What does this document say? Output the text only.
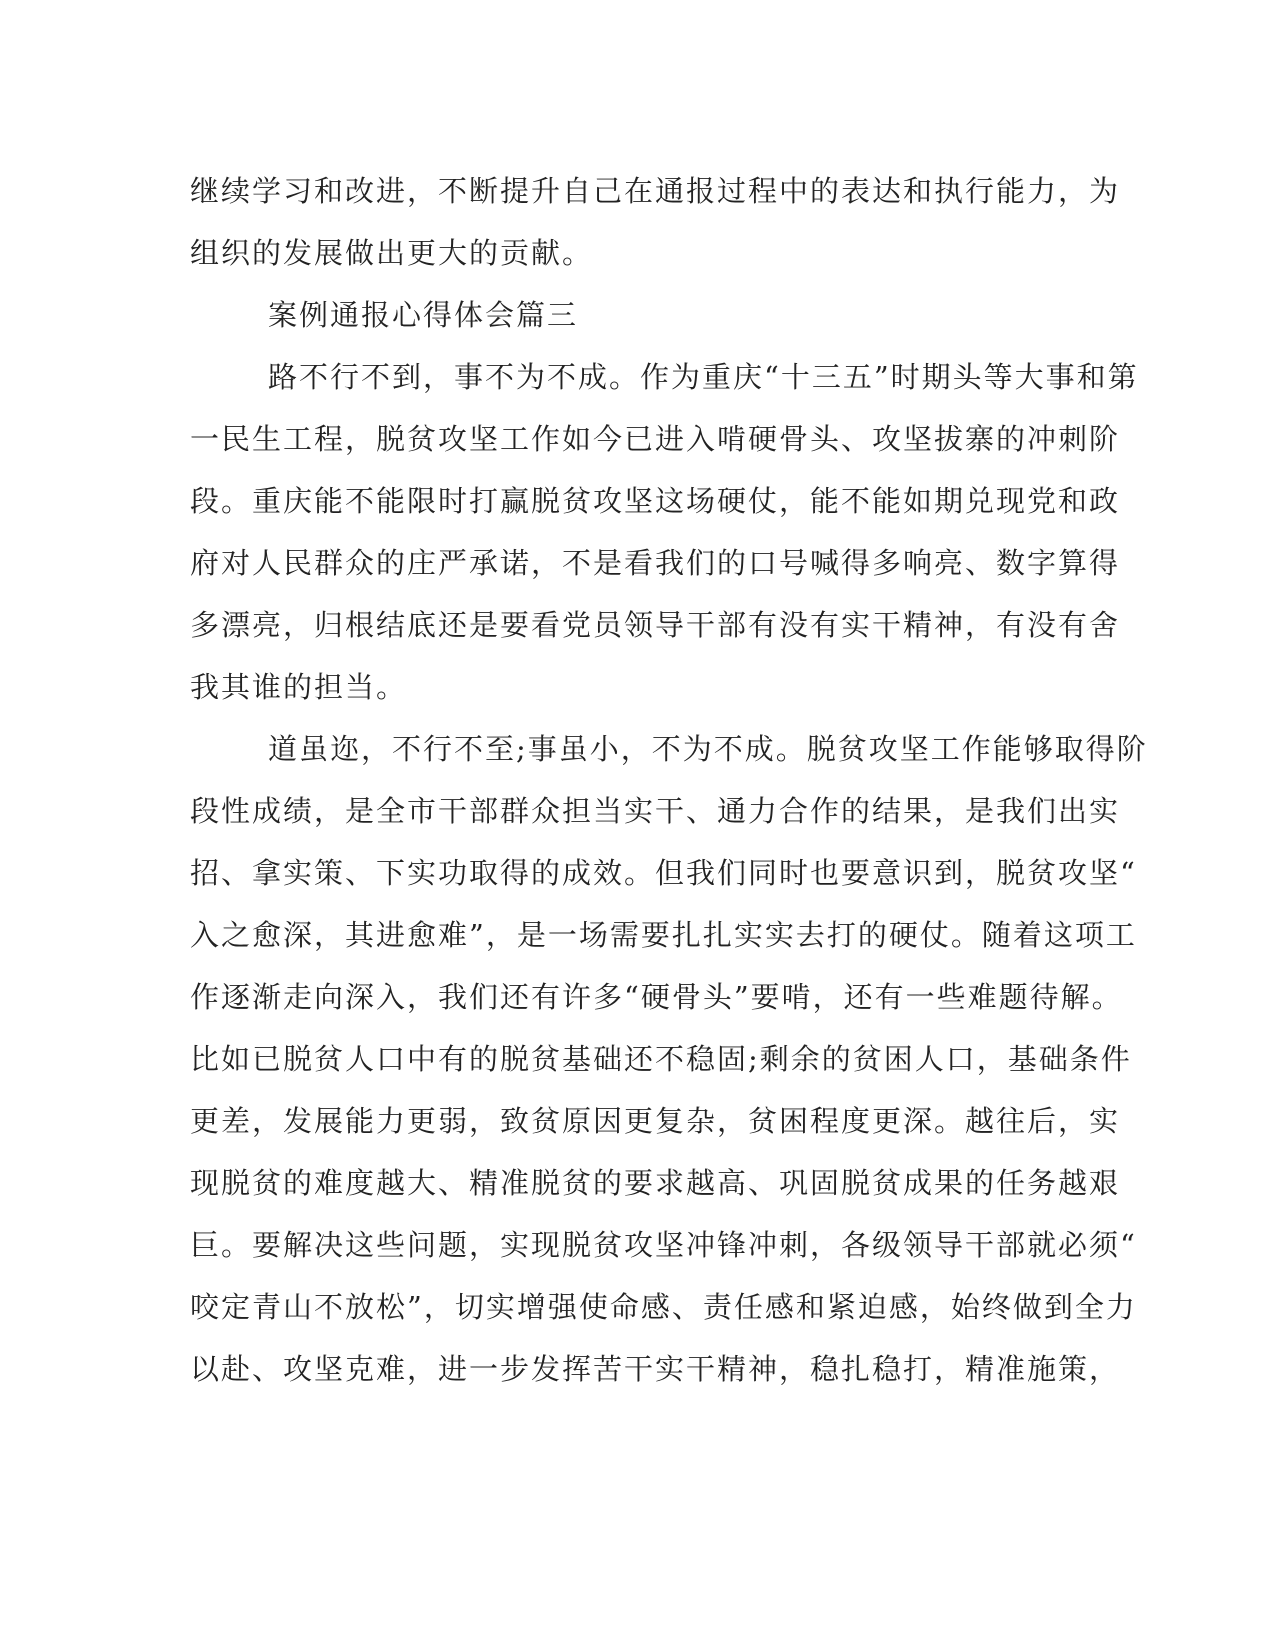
继续学习和改进，不断提升自己在通报过程中的表达和执行能力，为
组织的发展做出更大的贡献。
案例通报心得体会篇三
路不行不到，事不为不成。作为重庆“十三五”时期头等大事和第
一民生工程，脱贫攻坚工作如今已进入啃硬骨头、攻坚拔寨的冲刺阶
段。重庆能不能限时打赢脱贫攻坚这场硬仗，能不能如期兑现党和政
府对人民群众的庄严承诺，不是看我们的口号喊得多响亮、数字算得
多漂亮，归根结底还是要看党员领导干部有没有实干精神，有没有舍
我其谁的担当。
道虽迩，不行不至;事虽小，不为不成。脱贫攻坚工作能够取得阶
段性成绩，是全市干部群众担当实干、通力合作的结果，是我们出实
招、拿实策、下实功取得的成效。但我们同时也要意识到，脱贫攻坚“
入之愈深，其进愈难”，是一场需要扎扎实实去打的硬仗。随着这项工
作逐渐走向深入，我们还有许多“硬骨头”要啃，还有一些难题待解。
比如已脱贫人口中有的脱贫基础还不稳固;剩余的贫困人口，基础条件
更差，发展能力更弱，致贫原因更复杂，贫困程度更深。越往后，实
现脱贫的难度越大、精准脱贫的要求越高、巩固脱贫成果的任务越艰
巨。要解决这些问题，实现脱贫攻坚冲锋冲刺，各级领导干部就必须“
咬定青山不放松”，切实增强使命感、责任感和紧迫感，始终做到全力
以赴、攻坚克难，进一步发挥苦干实干精神，稳扎稳打，精准施策，
